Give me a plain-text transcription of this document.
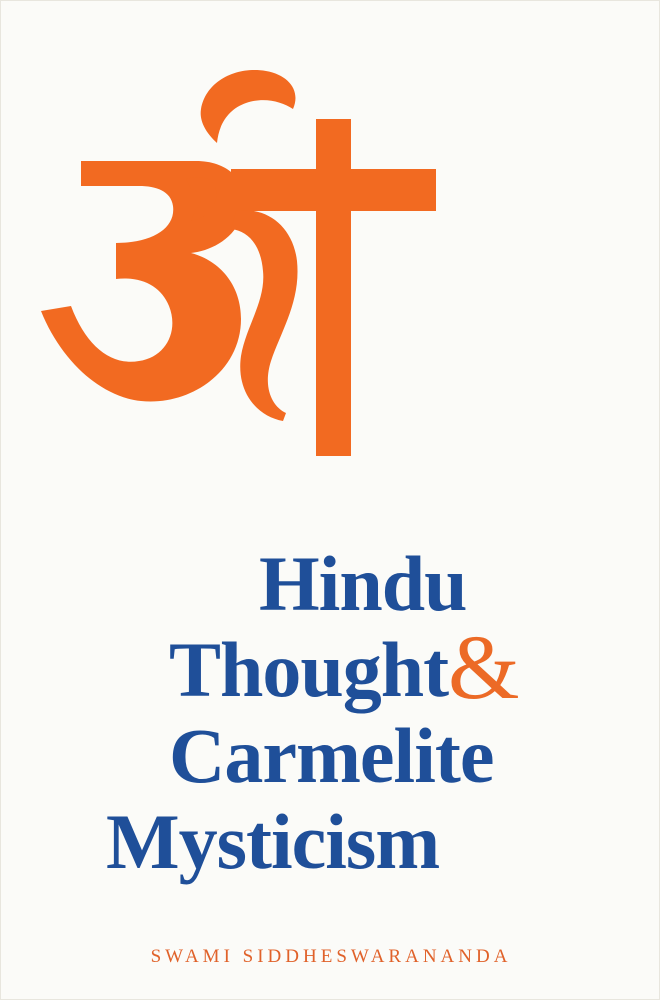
Hindu
Thought &
Carmelite
Mysticism
SWAMI SIDDHESWARANANDA
